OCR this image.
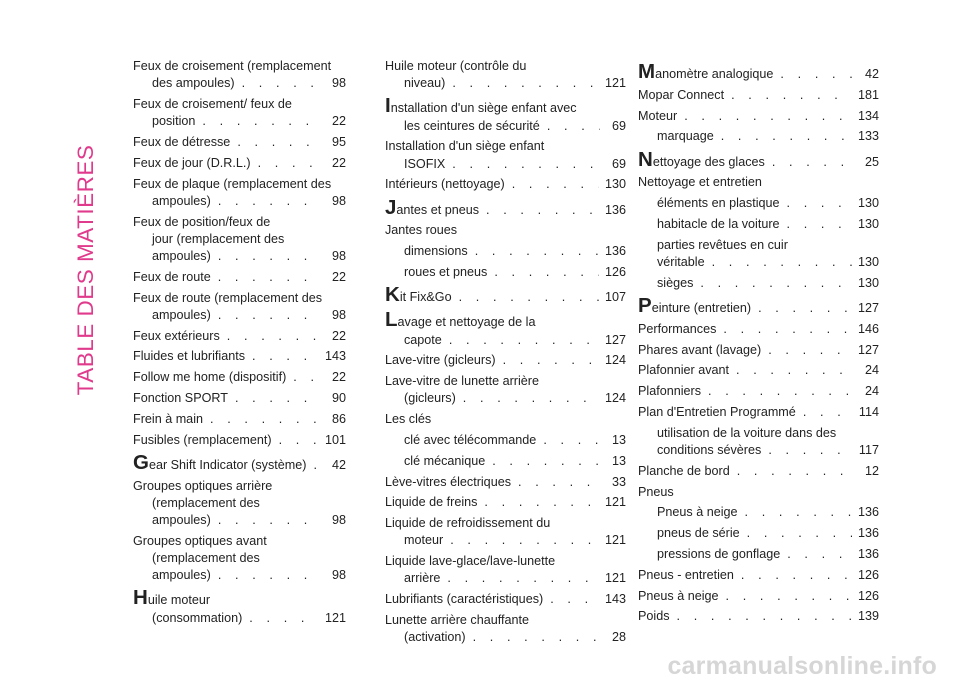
TABLE DES MATIÈRES
Feux de croisement (remplacement
des ampoules) . . .	98
Feux de croisement/ feux de
position . . .	22
Feux de détresse . . .	95
Feux de jour (D.R.L.) . . .	22
Feux de plaque (remplacement des
ampoules) . . .	98
Feux de position/feux de
jour (remplacement des
ampoules) . . .	98
Feux de route . . .	22
Feux de route (remplacement des
ampoules) . . .	98
Feux extérieurs . . .	22
Fluides et lubrifiants . . .	143
Follow me home (dispositif) . . .	22
Fonction SPORT . . .	90
Frein à main . . .	86
Fusibles (remplacement) . . .	101
Gear Shift Indicator (système) . . .	42
Groupes optiques arrière
(remplacement des
ampoules) . . .	98
Groupes optiques avant
(remplacement des
ampoules) . . .	98
Huile moteur
(consommation) . . .	121
Huile moteur (contrôle du
niveau) . . .	121
Installation d'un siège enfant avec
les ceintures de sécurité . . .	69
Installation d'un siège enfant
ISOFIX . . .	69
Intérieurs (nettoyage) . . .	130
Jantes et pneus . . .	136
Jantes roues
dimensions . . .	136
roues et pneus . . .	126
Kit Fix&Go . . .	107
Lavage et nettoyage de la
capote . . .	127
Lave-vitre (gicleurs) . . .	124
Lave-vitre de lunette arrière
(gicleurs) . . .	124
Les clés
clé avec télécommande . . .	13
clé mécanique . . .	13
Lève-vitres électriques . . .	33
Liquide de freins . . .	121
Liquide de refroidissement du
moteur . . .	121
Liquide lave-glace/lave-lunette
arrière . . .	121
Lubrifiants (caractéristiques) . . .	143
Lunette arrière chauffante
(activation) . . .	28
Manomètre analogique . . .	42
Mopar Connect . . .	181
Moteur . . .	134
marquage . . .	133
Nettoyage des glaces . . .	25
Nettoyage et entretien
éléments en plastique . . .	130
habitacle de la voiture . . .	130
parties revêtues en cuir
véritable . . .	130
sièges . . .	130
Peinture (entretien) . . .	127
Performances . . .	146
Phares avant (lavage) . . .	127
Plafonnier avant . . .	24
Plafonniers . . .	24
Plan d'Entretien Programmé . . .	114
utilisation de la voiture dans des
conditions sévères . . .	117
Planche de bord . . .	12
Pneus
Pneus à neige . . .	136
pneus de série . . .	136
pressions de gonflage . . .	136
Pneus - entretien . . .	126
Pneus à neige . . .	126
Poids . . .	139
carmanualsonline.info
